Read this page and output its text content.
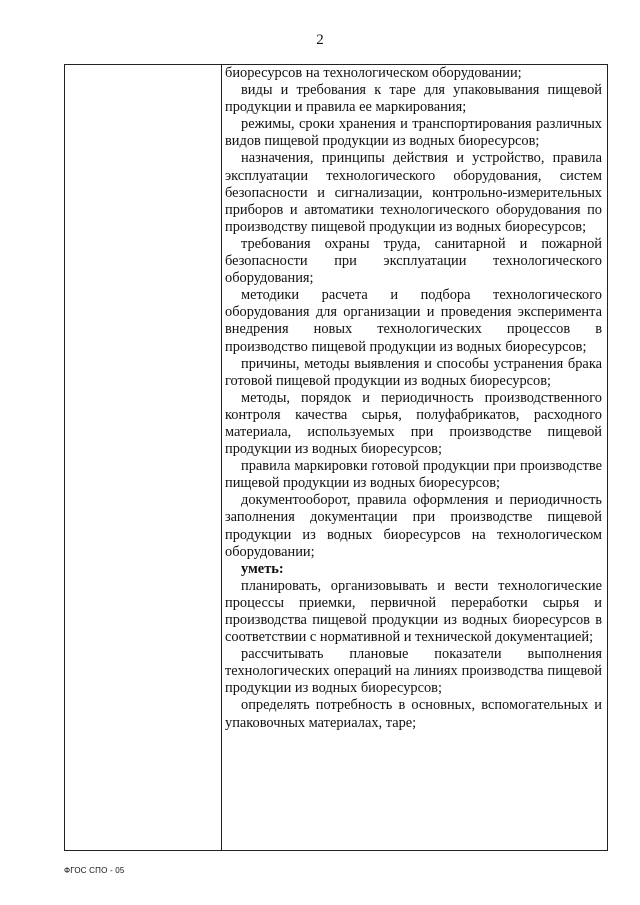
2

биоресурсов на технологическом оборудовании;

виды и требования к таре для упаковывания пищевой продукции и правила ее маркирования;

режимы, сроки хранения и транспортирования различных видов пищевой продукции из водных биоресурсов;

назначения, принципы действия и устройство, правила эксплуатации технологического оборудования, систем безопасности и сигнализации, контрольно-измерительных приборов и автоматики технологического оборудования по производству пищевой продукции из водных биоресурсов;

требования охраны труда, санитарной и пожарной безопасности при эксплуатации технологического оборудования;

методики расчета и подбора технологического оборудования для организации и проведения эксперимента внедрения новых технологических процессов в производство пищевой продукции из водных биоресурсов;

причины, методы выявления и способы устранения брака готовой пищевой продукции из водных биоресурсов;

методы, порядок и периодичность производственного контроля качества сырья, полуфабрикатов, расходного материала, используемых при производстве пищевой продукции из водных биоресурсов;

правила маркировки готовой продукции при производстве пищевой продукции из водных биоресурсов;

документооборот, правила оформления и периодичность заполнения документации при производстве пищевой продукции из водных биоресурсов на технологическом оборудовании;

уметь:

планировать, организовывать и вести технологические процессы приемки, первичной переработки сырья и производства пищевой продукции из водных биоресурсов в соответствии с нормативной и технической документацией;

рассчитывать плановые показатели выполнения технологических операций на линиях производства пищевой продукции из водных биоресурсов;

определять потребность в основных, вспомогательных и упаковочных материалах, таре;

ФГОС СПО - 05
